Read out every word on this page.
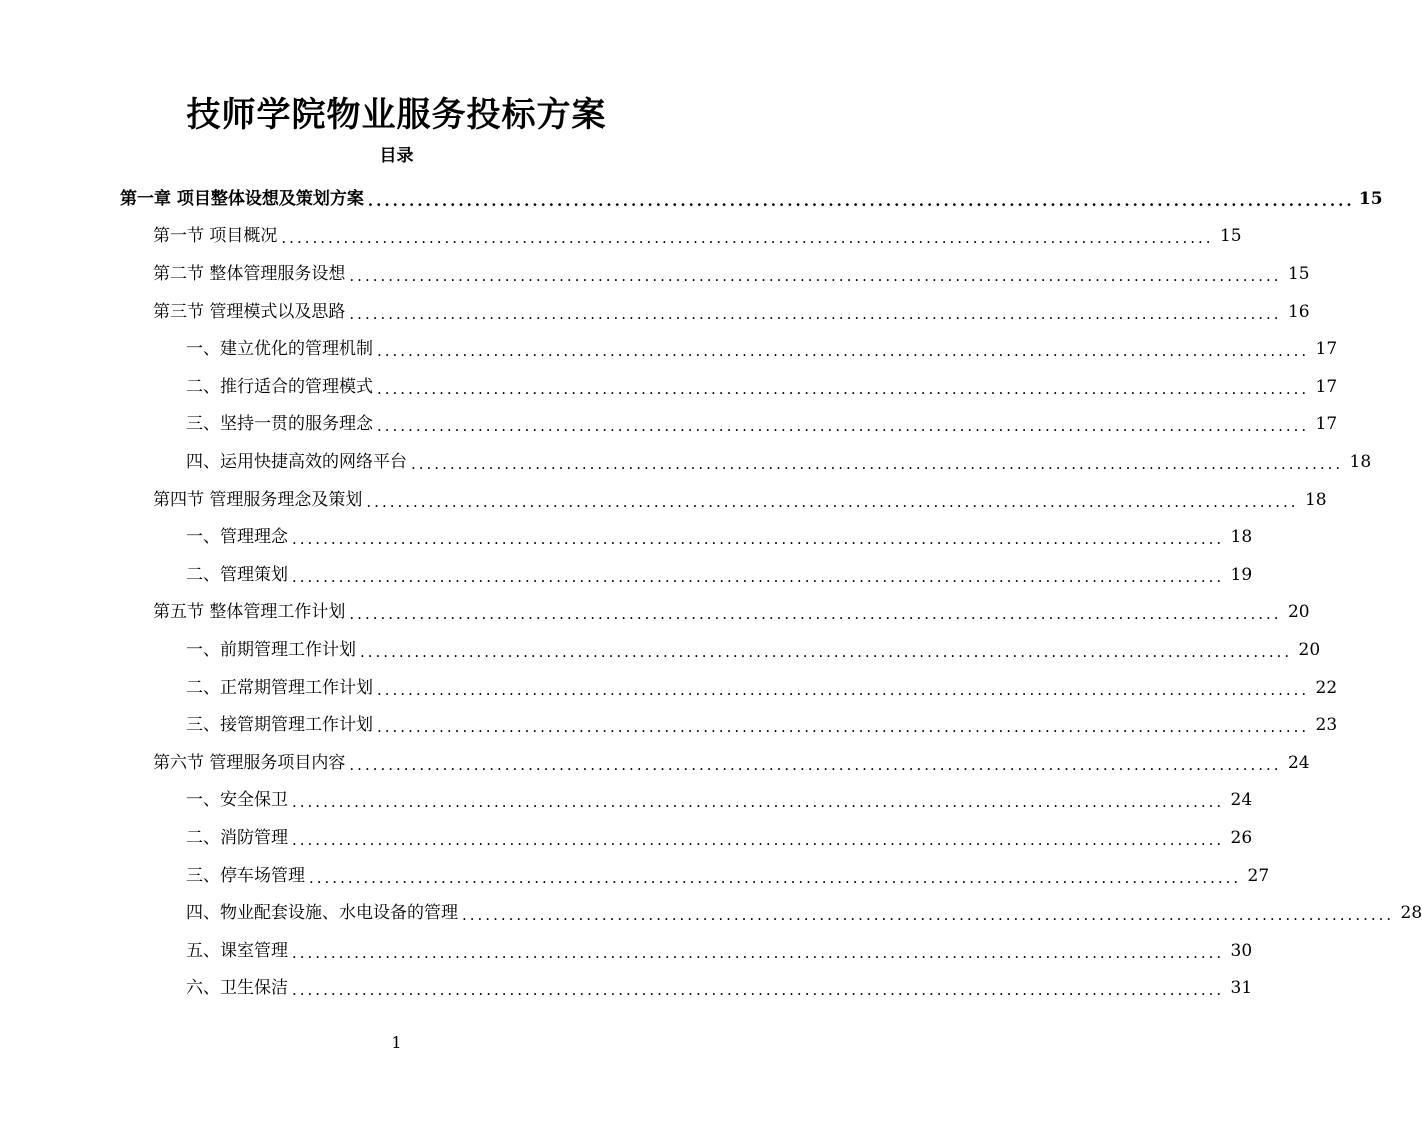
技师学院物业服务投标方案
目录
第一章 项目整体设想及策划方案 ........................................................................................................................ 15
第一节 项目概况 ........................................................................................................................ 15
第二节 整体管理服务设想 ........................................................................................................................ 15
第三节 管理模式以及思路 ........................................................................................................................ 16
一、建立优化的管理机制 ........................................................................................................................ 17
二、推行适合的管理模式 ........................................................................................................................ 17
三、坚持一贯的服务理念 ........................................................................................................................ 17
四、运用快捷高效的网络平台 ........................................................................................................................ 18
第四节 管理服务理念及策划 ........................................................................................................................ 18
一、管理理念 ........................................................................................................................ 18
二、管理策划 ........................................................................................................................ 19
第五节 整体管理工作计划 ........................................................................................................................ 20
一、前期管理工作计划 ........................................................................................................................ 20
二、正常期管理工作计划 ........................................................................................................................ 22
三、接管期管理工作计划 ........................................................................................................................ 23
第六节 管理服务项目内容 ........................................................................................................................ 24
一、安全保卫 ........................................................................................................................ 24
二、消防管理 ........................................................................................................................ 26
三、停车场管理 ........................................................................................................................ 27
四、物业配套设施、水电设备的管理 ........................................................................................................................ 28
五、课室管理 ........................................................................................................................ 30
六、卫生保洁 ........................................................................................................................ 31
1
